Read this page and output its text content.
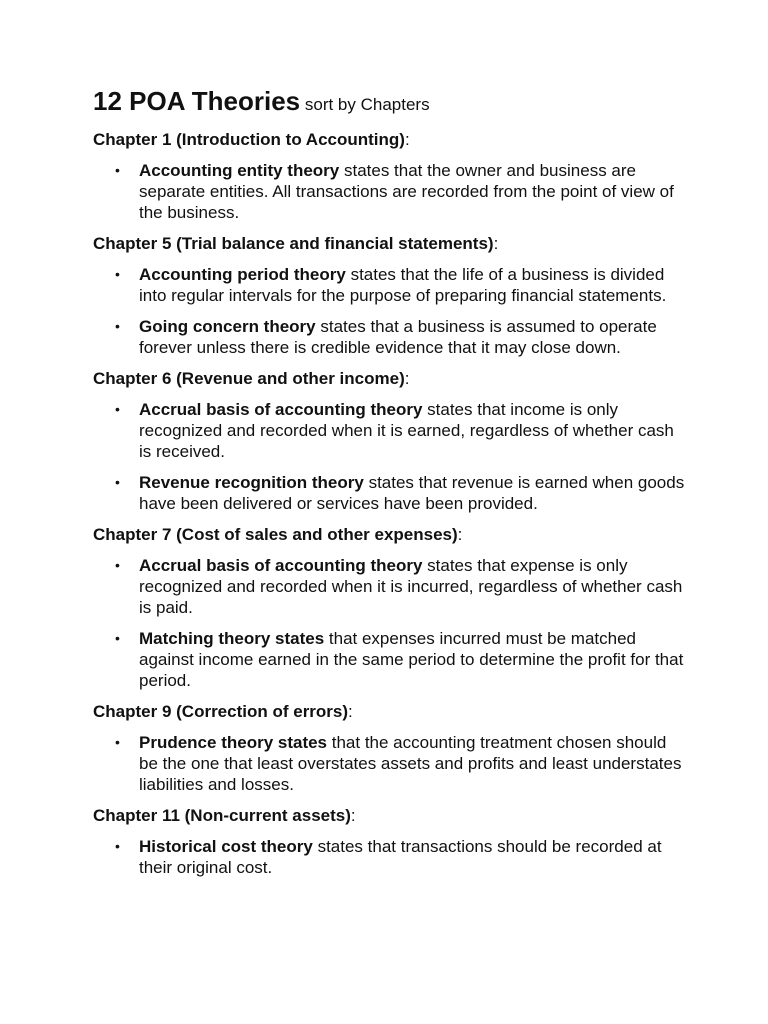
12 POA Theories sort by Chapters

Chapter 1 (Introduction to Accounting):

• Accounting entity theory states that the owner and business are separate entities. All transactions are recorded from the point of view of the business.

Chapter 5 (Trial balance and financial statements):

• Accounting period theory states that the life of a business is divided into regular intervals for the purpose of preparing financial statements.
• Going concern theory states that a business is assumed to operate forever unless there is credible evidence that it may close down.

Chapter 6 (Revenue and other income):

• Accrual basis of accounting theory states that income is only recognized and recorded when it is earned, regardless of whether cash is received.
• Revenue recognition theory states that revenue is earned when goods have been delivered or services have been provided.

Chapter 7 (Cost of sales and other expenses):

• Accrual basis of accounting theory states that expense is only recognized and recorded when it is incurred, regardless of whether cash is paid.
• Matching theory states that expenses incurred must be matched against income earned in the same period to determine the profit for that period.

Chapter 9 (Correction of errors):

• Prudence theory states that the accounting treatment chosen should be the one that least overstates assets and profits and least understates liabilities and losses.

Chapter 11 (Non-current assets):

• Historical cost theory states that transactions should be recorded at their original cost.
